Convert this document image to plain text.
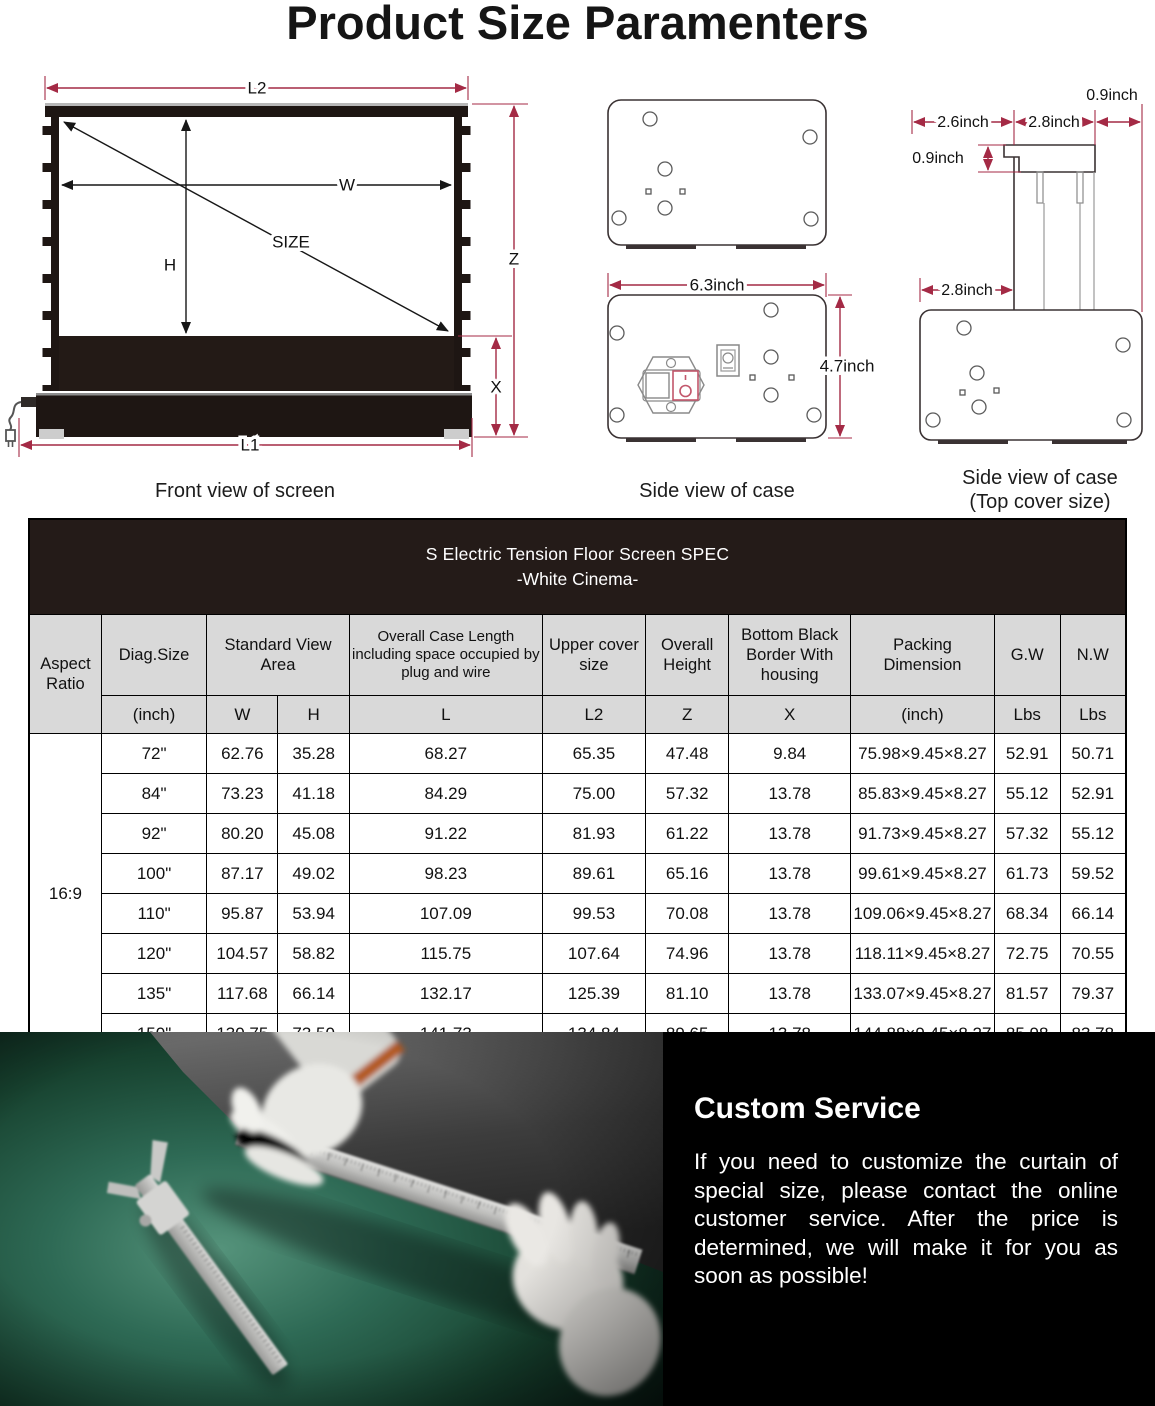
Product Size Paramenters
L2
W
H
SIZE
Z
X
L1
6.3inch
4.7inch
2.6inch 2.8inch
0.9inch
0.9inch
2.8inch
Front view of screen	Side view of case
Side view of case
(Top cover size)
S Electric Tension Floor Screen SPEC
-White Cinema-										

Aspect Ratio	Diag.Size	Standard View Area		Overall Case Length including space occupied by plug and wire	Upper cover size	Overall Height	Bottom Black Border With housing	Packing Dimension	G.W	N.W
	(inch)	W	H	L	L2	Z	X	(inch)	Lbs	Lbs
16:9	72"	62.76	35.28	68.27	65.35	47.48	9.84	75.98×9.45×8.27	52.91	50.71
	84"	73.23	41.18	84.29	75.00	57.32	13.78	85.83×9.45×8.27	55.12	52.91
	92"	80.20	45.08	91.22	81.93	61.22	13.78	91.73×9.45×8.27	57.32	55.12
	100"	87.17	49.02	98.23	89.61	65.16	13.78	99.61×9.45×8.27	61.73	59.52
	110"	95.87	53.94	107.09	99.53	70.08	13.78	109.06×9.45×8.27	68.34	66.14
	120"	104.57	58.82	115.75	107.64	74.96	13.78	118.11×9.45×8.27	72.75	70.55
	135"	117.68	66.14	132.17	125.39	81.10	13.78	133.07×9.45×8.27	81.57	79.37

Custom Service

If you need to customize the curtain of special size, please contact the online customer service. After the price is determined, we will make it for you as soon as possible!
